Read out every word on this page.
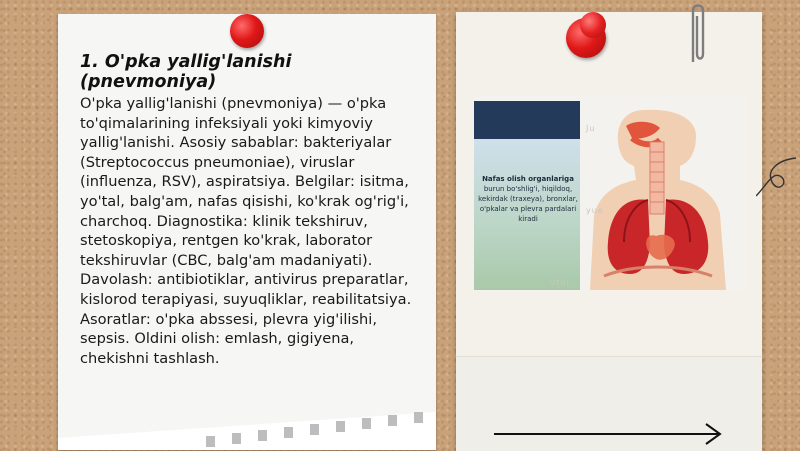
1. O'pka yallig'lanishi (pnevmoniya)
O'pka yallig'lanishi (pnevmoniya) — o'pka to'qimalarining infeksiyali yoki kimyoviy yallig'lanishi. Asosiy sabablar: bakteriyalar (Streptococcus pneumoniae), viruslar (influenza, RSV), aspiratsiya. Belgilar: isitma, yo'tal, balg'am, nafas qisishi, ko'krak og'rig'i, charchoq. Diagnostika: klinik tekshiruv, stetoskopiya, rentgen ko'krak, laborator tekshiruvlar (CBC, balg'am madaniyati). Davolash: antibiotiklar, antivirus preparatlar, kislorod terapiyasi, suyuqliklar, reabilitatsiya. Asoratlar: o'pka abssesi, plevra yig'ilishi, sepsis. Oldini olish: emlash, gigiyena, chekishni tashlash.
Nafas olish organlariga burun bo'shlig'i, hiqildoq, kekirdak (traxeya), bronxlar, o'pkalar va plevra pardalari kiradi
Ju
yue
utui
